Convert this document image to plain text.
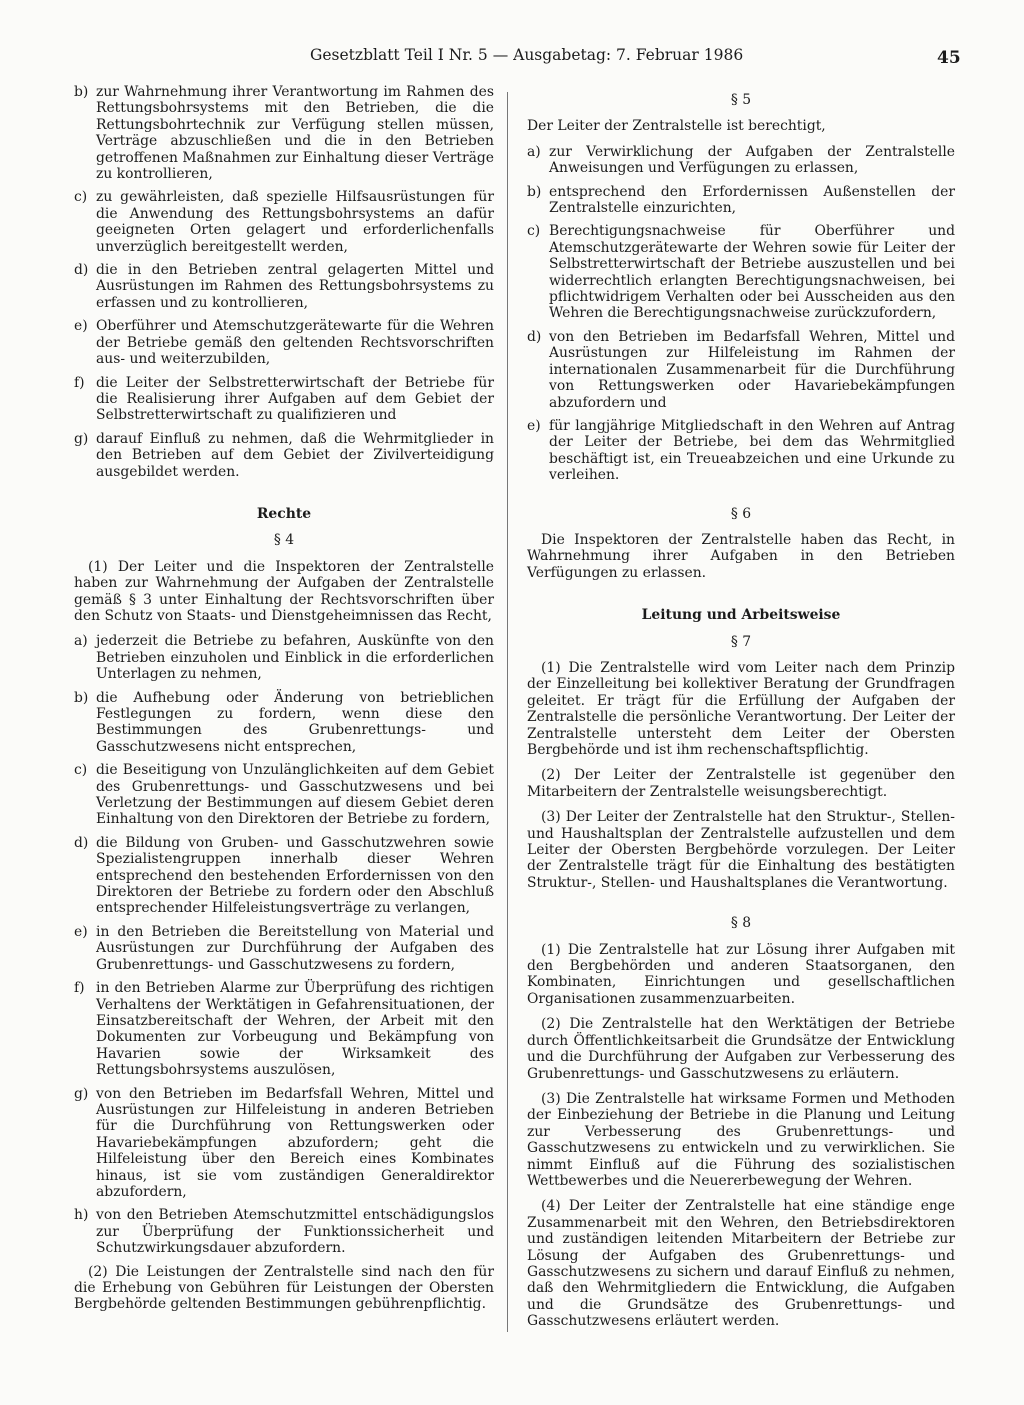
Gesetzblatt Teil I Nr. 5 — Ausgabetag: 7. Februar 1986	45
b) zur Wahrnehmung ihrer Verantwortung im Rahmen des Rettungsbohrsystems mit den Betrieben, die die Rettungsbohrtechnik zur Verfügung stellen müssen, Verträge abzuschließen und die in den Betrieben getroffenen Maßnahmen zur Einhaltung dieser Verträge zu kontrollieren,
c) zu gewährleisten, daß spezielle Hilfsausrüstungen für die Anwendung des Rettungsbohrsystems an dafür geeigneten Orten gelagert und erforderlichenfalls unverzüglich bereitgestellt werden,
d) die in den Betrieben zentral gelagerten Mittel und Ausrüstungen im Rahmen des Rettungsbohrsystems zu erfassen und zu kontrollieren,
e) Oberführer und Atemschutzgerätewarte für die Wehren der Betriebe gemäß den geltenden Rechtsvorschriften aus- und weiterzubilden,
f) die Leiter der Selbstretterwirtschaft der Betriebe für die Realisierung ihrer Aufgaben auf dem Gebiet der Selbstretterwirtschaft zu qualifizieren und
g) darauf Einfluß zu nehmen, daß die Wehrmitglieder in den Betrieben auf dem Gebiet der Zivilverteidigung ausgebildet werden.
Rechte
§ 4

(1) Der Leiter und die Inspektoren der Zentralstelle haben zur Wahrnehmung der Aufgaben der Zentralstelle gemäß § 3 unter Einhaltung der Rechtsvorschriften über den Schutz von Staats- und Dienstgeheimnissen das Recht,

a) jederzeit die Betriebe zu befahren, Auskünfte von den Betrieben einzuholen und Einblick in die erforderlichen Unterlagen zu nehmen,
b) die Aufhebung oder Änderung von betrieblichen Festlegungen zu fordern, wenn diese den Bestimmungen des Grubenrettungs- und Gasschutzwesens nicht entsprechen,
c) die Beseitigung von Unzulänglichkeiten auf dem Gebiet des Grubenrettungs- und Gasschutzwesens und bei Verletzung der Bestimmungen auf diesem Gebiet deren Einhaltung von den Direktoren der Betriebe zu fordern,
d) die Bildung von Gruben- und Gasschutzwehren sowie Spezialistengruppen innerhalb dieser Wehren entsprechend den bestehenden Erfordernissen von den Direktoren der Betriebe zu fordern oder den Abschluß entsprechender Hilfeleistungsverträge zu verlangen,
e) in den Betrieben die Bereitstellung von Material und Ausrüstungen zur Durchführung der Aufgaben des Grubenrettungs- und Gasschutzwesens zu fordern,
f) in den Betrieben Alarme zur Überprüfung des richtigen Verhaltens der Werktätigen in Gefahrensituationen, der Einsatzbereitschaft der Wehren, der Arbeit mit den Dokumenten zur Vorbeugung und Bekämpfung von Havarien sowie der Wirksamkeit des Rettungsbohrsystems auszulösen,
g) von den Betrieben im Bedarfsfall Wehren, Mittel und Ausrüstungen zur Hilfeleistung in anderen Betrieben für die Durchführung von Rettungswerken oder Havariebekämpfungen abzufordern; geht die Hilfeleistung über den Bereich eines Kombinates hinaus, ist sie vom zuständigen Generaldirektor abzufordern,
h) von den Betrieben Atemschutzmittel entschädigungslos zur Überprüfung der Funktionssicherheit und Schutzwirkungsdauer abzufordern.

(2) Die Leistungen der Zentralstelle sind nach den für die Erhebung von Gebühren für Leistungen der Obersten Bergbehörde geltenden Bestimmungen gebührenpflichtig.

§ 5

Der Leiter der Zentralstelle ist berechtigt,

a) zur Verwirklichung der Aufgaben der Zentralstelle Anweisungen und Verfügungen zu erlassen,
b) entsprechend den Erfordernissen Außenstellen der Zentralstelle einzurichten,
c) Berechtigungsnachweise für Oberführer und Atemschutzgerätewarte der Wehren sowie für Leiter der Selbstretterwirtschaft der Betriebe auszustellen und bei widerrechtlich erlangten Berechtigungsnachweisen, bei pflichtwidrigem Verhalten oder bei Ausscheiden aus den Wehren die Berechtigungsnachweise zurückzufordern,
d) von den Betrieben im Bedarfsfall Wehren, Mittel und Ausrüstungen zur Hilfeleistung im Rahmen der internationalen Zusammenarbeit für die Durchführung von Rettungswerken oder Havariebekämpfungen abzufordern und
e) für langjährige Mitgliedschaft in den Wehren auf Antrag der Leiter der Betriebe, bei dem das Wehrmitglied beschäftigt ist, ein Treueabzeichen und eine Urkunde zu verleihen.
§ 6

Die Inspektoren der Zentralstelle haben das Recht, in Wahrnehmung ihrer Aufgaben in den Betrieben Verfügungen zu erlassen.

Leitung und Arbeitsweise
§ 7

(1) Die Zentralstelle wird vom Leiter nach dem Prinzip der Einzelleitung bei kollektiver Beratung der Grundfragen geleitet. Er trägt für die Erfüllung der Aufgaben der Zentralstelle die persönliche Verantwortung. Der Leiter der Zentralstelle untersteht dem Leiter der Obersten Bergbehörde und ist ihm rechenschaftspflichtig.

(2) Der Leiter der Zentralstelle ist gegenüber den Mitarbeitern der Zentralstelle weisungsberechtigt.

(3) Der Leiter der Zentralstelle hat den Struktur-, Stellen- und Haushaltsplan der Zentralstelle aufzustellen und dem Leiter der Obersten Bergbehörde vorzulegen. Der Leiter der Zentralstelle trägt für die Einhaltung des bestätigten Struktur-, Stellen- und Haushaltsplanes die Verantwortung.

§ 8

(1) Die Zentralstelle hat zur Lösung ihrer Aufgaben mit den Bergbehörden und anderen Staatsorganen, den Kombinaten, Einrichtungen und gesellschaftlichen Organisationen zusammenzuarbeiten.

(2) Die Zentralstelle hat den Werktätigen der Betriebe durch Öffentlichkeitsarbeit die Grundsätze der Entwicklung und die Durchführung der Aufgaben zur Verbesserung des Grubenrettungs- und Gasschutzwesens zu erläutern.

(3) Die Zentralstelle hat wirksame Formen und Methoden der Einbeziehung der Betriebe in die Planung und Leitung zur Verbesserung des Grubenrettungs- und Gasschutzwesens zu entwickeln und zu verwirklichen. Sie nimmt Einfluß auf die Führung des sozialistischen Wettbewerbes und die Neuererbewegung der Wehren.

(4) Der Leiter der Zentralstelle hat eine ständige enge Zusammenarbeit mit den Wehren, den Betriebsdirektoren und zuständigen leitenden Mitarbeitern der Betriebe zur Lösung der Aufgaben des Grubenrettungs- und Gasschutzwesens zu sichern und darauf Einfluß zu nehmen, daß den Wehrmitgliedern die Entwicklung, die Aufgaben und die Grundsätze des Grubenrettungs- und Gasschutzwesens erläutert werden.
